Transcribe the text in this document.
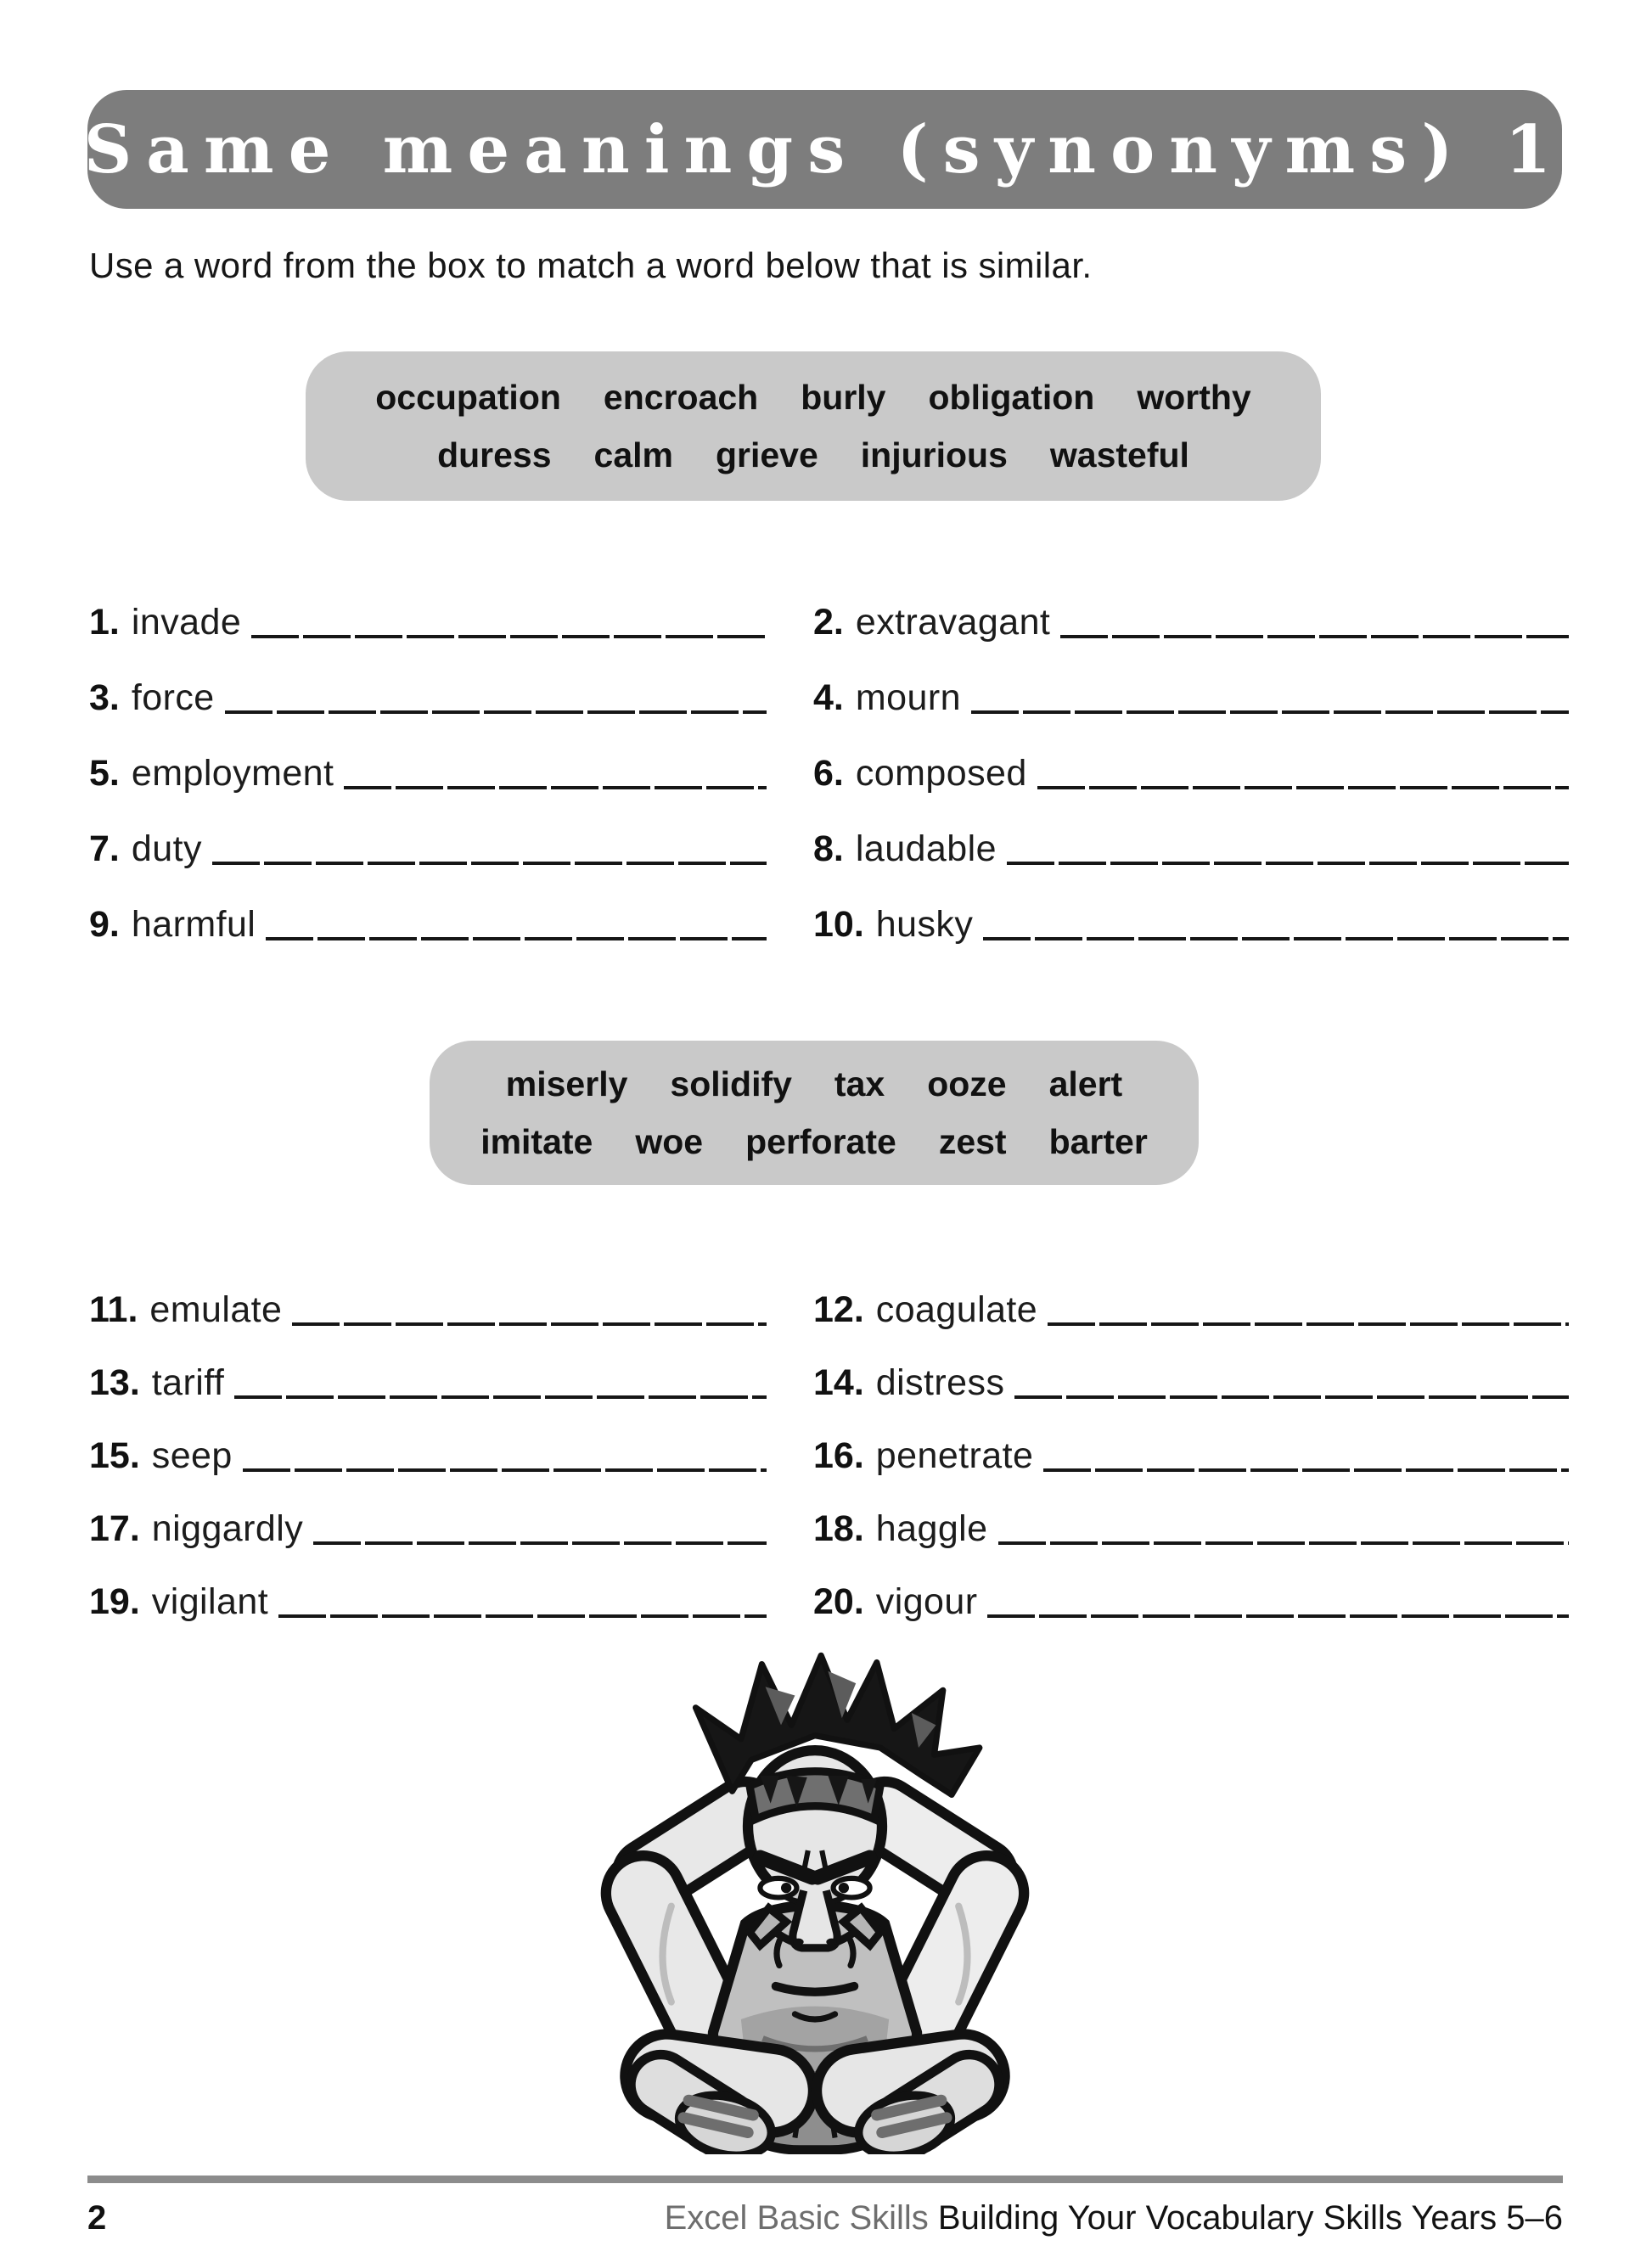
Same meanings (synonyms) 1

Use a word from the box to match a word below that is similar.

occupation encroach burly obligation worthy
duress calm grieve injurious wasteful
1. invade	2. extravagant
3. force	4. mourn
5. employment	6. composed
7. duty	8. laudable
9. harmful	10. husky
miserly solidify tax ooze alert
imitate woe perforate zest barter
11. emulate	12. coagulate
13. tariff	14. distress
15. seep	16. penetrate
17. niggardly	18. haggle
19. vigilant	20. vigour
2	Excel Basic Skills Building Your Vocabulary Skills Years 5–6
